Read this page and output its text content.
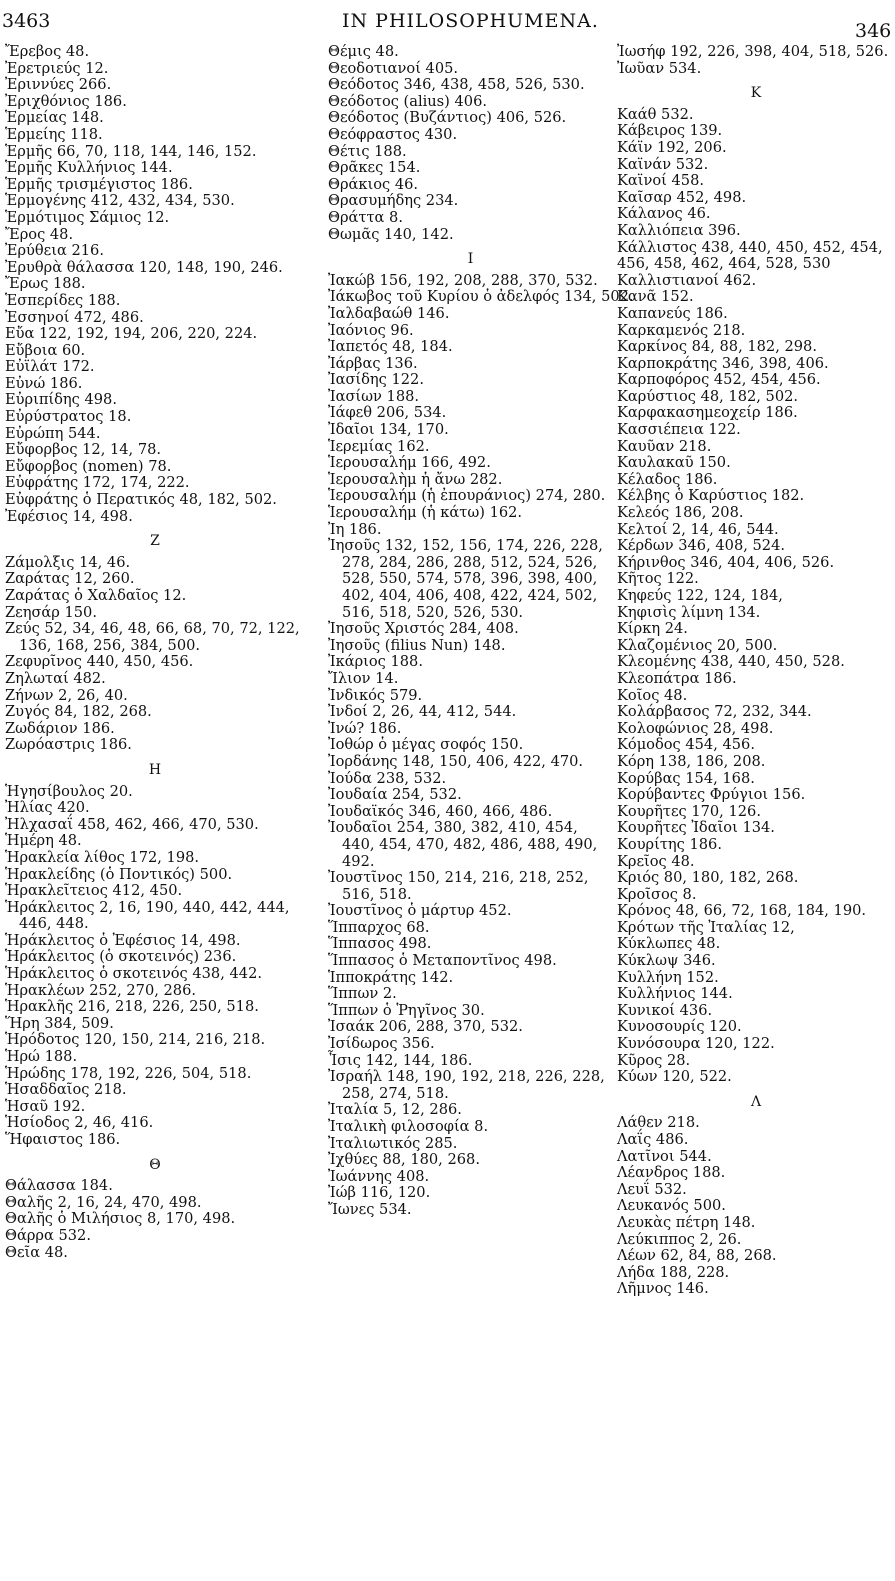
3463	IN PHILOSOPHUMENA.	346
Ἔρεβος 48.
Ἐρετριεύς 12.
Ἐριννύες 266.
Ἐριχθόνιος 186.
Ἑρμείας 148.
Ἑρμείης 118.
Ἑρμῆς 66, 70, 118, 144, 146, 152.
Ἑρμῆς Κυλλήνιος 144.
Ἑρμῆς τρισμέγιστος 186.
Ἑρμογένης 412, 432, 434, 530.
Ἑρμότιμος Σάμιος 12.
Ἔρος 48.
Ἐρύθεια 216.
Ἐρυθρὰ θάλασσα 120, 148, 190, 246.
Ἔρως 188.
Ἑσπερίδες 188.
Ἐσσηνοί 472, 486.
Εὔα 122, 192, 194, 206, 220, 224.
Εὔβοια 60.
Εὐϊλάτ 172.
Εὐνώ 186.
Εὐριπίδης 498.
Εὐρύστρατος 18.
Εὐρώπη 544.
Εὔφορβος 12, 14, 78.
Εὔφορβος (nomen) 78.
Εὐφράτης 172, 174, 222.
Εὐφράτης ὁ Περατικός 48, 182, 502.
Ἐφέσιος 14, 498.
Z
Ζάμολξις 14, 46.
Ζαράτας 12, 260.
Ζαράτας ὁ Χαλδαῖος 12.
Ζεησάρ 150.
Ζεύς 52, 34, 46, 48, 66, 68, 70, 72, 122, 136, 168, 256, 384, 500.
Ζεφυρῖνος 440, 450, 456.
Ζηλωταί 482.
Ζήνων 2, 26, 40.
Ζυγός 84, 182, 268.
Ζωδάριον 186.
Ζωρόαστρις 186.
H
Ἡγησίβουλος 20.
Ἠλίας 420.
Ἠλχασαΐ 458, 462, 466, 470, 530.
Ἡμέρη 48.
Ἡρακλεία λίθος 172, 198.
Ἡρακλείδης (ὁ Ποντικός) 500.
Ἡρακλεῖτειος 412, 450.
Ἡράκλειτος 2, 16, 190, 440, 442, 444, 446, 448.
Ἡράκλειτος ὁ Ἐφέσιος 14, 498.
Ἡράκλειτος (ὁ σκοτεινός) 236.
Ἡράκλειτος ὁ σκοτεινός 438, 442.
Ἡρακλέων 252, 270, 286.
Ἡρακλῆς 216, 218, 226, 250, 518.
Ἥρη 384, 509.
Ἡρόδοτος 120, 150, 214, 216, 218.
Ἡρώ 188.
Ἡρώδης 178, 192, 226, 504, 518.
Ἡσαδδαῖος 218.
Ἡσαῦ 192.
Ἡσίοδος 2, 46, 416.
Ἥφαιστος 186.
Θ
Θάλασσα 184.
Θαλῆς 2, 16, 24, 470, 498.
Θαλῆς ὁ Μιλήσιος 8, 170, 498.
Θάρρα 532.
Θεῖα 48.
Θέμις 48.
Θεοδοτιανοί 405.
Θεόδοτος 346, 438, 458, 526, 530.
Θεόδοτος (alius) 406.
Θεόδοτος (Βυζάντιος) 406, 526.
Θεόφραστος 430.
Θέτις 188.
Θρᾶκες 154.
Θράκιος 46.
Θρασυμήδης 234.
Θράττα 8.
Θωμᾶς 140, 142.
I
Ἰακώβ 156, 192, 208, 288, 370, 532.
Ἰάκωβος τοῦ Κυρίου ὁ ἀδελφός 134, 502.
Ἰαλδαβαώθ 146.
Ἰαόνιος 96.
Ἰαπετός 48, 184.
Ἰάρβας 136.
Ἰασίδης 122.
Ἰασίων 188.
Ἰάφεθ 206, 534.
Ἰδαῖοι 134, 170.
Ἱερεμίας 162.
Ἱερουσαλήμ 166, 492.
Ἱερουσαλὴμ ἡ ἄνω 282.
Ἱερουσαλήμ (ἡ ἐπουράνιος) 274, 280.
Ἱερουσαλήμ (ἡ κάτω) 162.
Ἰη 186.
Ἰησοῦς 132, 152, 156, 174, 226, 228, 278, 284, 286, 288, 512, 524, 526, 528, 550, 574, 578, 396, 398, 400, 402, 404, 406, 408, 422, 424, 502, 516, 518, 520, 526, 530.
Ἰησοῦς Χριστός 284, 408.
Ἰησοῦς (filius Nun) 148.
Ἰκάριος 188.
Ἴλιον 14.
Ἰνδικός 579.
Ἰνδοί 2, 26, 44, 412, 544.
Ἰνώ? 186.
Ἰοθώρ ὁ μέγας σοφός 150.
Ἰορδάνης 148, 150, 406, 422, 470.
Ἰούδα 238, 532.
Ἰουδαία 254, 532.
Ἰουδαϊκός 346, 460, 466, 486.
Ἰουδαῖοι 254, 380, 382, 410, 454, 440, 454, 470, 482, 486, 488, 490, 492.
Ἰουστῖνος 150, 214, 216, 218, 252, 516, 518.
Ἰουστῖνος ὁ μάρτυρ 452.
Ἵππαρχος 68.
Ἵππασος 498.
Ἵππασος ὁ Μεταποντῖνος 498.
Ἱπποκράτης 142.
Ἵππων 2.
Ἵππων ὁ Ῥηγῖνος 30.
Ἰσαάκ 206, 288, 370, 532.
Ἰσίδωρος 356.
Ἶσις 142, 144, 186.
Ἰσραήλ 148, 190, 192, 218, 226, 228, 258, 274, 518.
Ἰταλία 5, 12, 286.
Ἰταλικὴ φιλοσοφία 8.
Ἰταλιωτικός 285.
Ἰχθύες 88, 180, 268.
Ἰωάννης 408.
Ἰώβ 116, 120.
Ἴωνες 534.
Ἰωσήφ 192, 226, 398, 404, 518, 526.
Ἰωῦαν 534.
K
Καάθ 532.
Κάβειρος 139.
Κάϊν 192, 206.
Καϊνάν 532.
Καϊνοί 458.
Καῖσαρ 452, 498.
Κάλανος 46.
Καλλιόπεια 396.
Κάλλιστος 438, 440, 450, 452, 454,
456, 458, 462, 464, 528, 530
Καλλιστιανοί 462.
Κανᾶ 152.
Καπανεύς 186.
Καρκαμενός 218.
Καρκίνος 84, 88, 182, 298.
Καρποκράτης 346, 398, 406.
Καρποφόρος 452, 454, 456.
Καρύστιος 48, 182, 502.
Καρφακασημεοχείρ 186.
Κασσιέπεια 122.
Καυῦαν 218.
Καυλακαῦ 150.
Κέλαδος 186.
Κέλβης ὁ Καρύστιος 182.
Κελεός 186, 208.
Κελτοί 2, 14, 46, 544.
Κέρδων 346, 408, 524.
Κήρινθος 346, 404, 406, 526.
Κῆτος 122.
Κηφεύς 122, 124, 184,
Κηφισὶς λίμνη 134.
Κίρκη 24.
Κλαζομένιος 20, 500.
Κλεομένης 438, 440, 450, 528.
Κλεοπάτρα 186.
Κοῖος 48.
Κολάρβασος 72, 232, 344.
Κολοφώνιος 28, 498.
Κόμοδος 454, 456.
Κόρη 138, 186, 208.
Κορύβας 154, 168.
Κορύβαντες Φρύγιοι 156.
Κουρῆτες 170, 126.
Κουρῆτες Ἰδαῖοι 134.
Κουρίτης 186.
Κρεῖος 48.
Κριός 80, 180, 182, 268.
Κροῖσος 8.
Κρόνος 48, 66, 72, 168, 184, 190.
Κρότων τῆς Ἰταλίας 12,
Κύκλωπες 48.
Κύκλωψ 346.
Κυλλήνη 152.
Κυλλήνιος 144.
Κυνικοί 436.
Κυνοσουρίς 120.
Κυνόσουρα 120, 122.
Κῦρος 28.
Κύων 120, 522.
Λ
Λάθεν 218.
Λαΐς 486.
Λατῖνοι 544.
Λέανδρος 188.
Λευΐ 532.
Λευκανός 500.
Λευκὰς πέτρη 148.
Λεύκιππος 2, 26.
Λέων 62, 84, 88, 268.
Λήδα 188, 228.
Λῆμνος 146.
